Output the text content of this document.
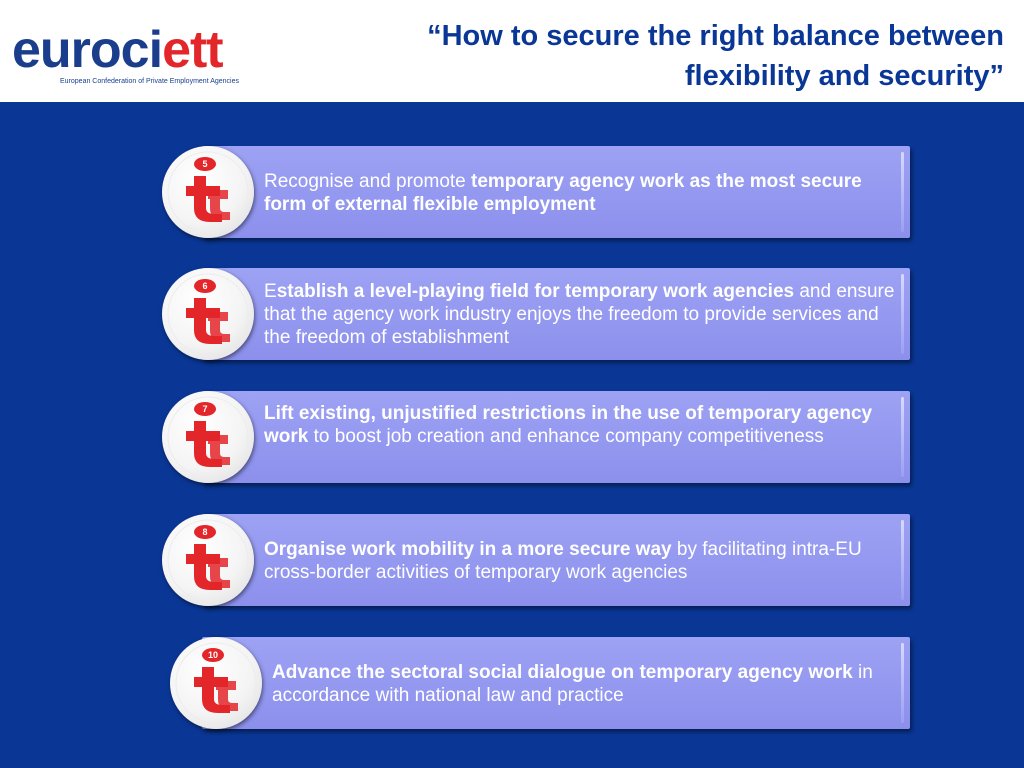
eurociett
European Confederation of Private Employment Agencies
“How to secure the right balance between
flexibility and security”
Recognise and promote temporary agency work as the most secure form of external flexible employment
5
Establish a level-playing field for temporary work agencies and ensure that the agency work industry enjoys the freedom to provide services and the freedom of establishment
6
Lift existing, unjustified restrictions in the use of temporary agency work to boost job creation and enhance company competitiveness
7
Organise work mobility in a more secure way by facilitating intra-EU cross-border activities of temporary work agencies
8
Advance the sectoral social dialogue on temporary agency work in accordance with national law and practice
10
